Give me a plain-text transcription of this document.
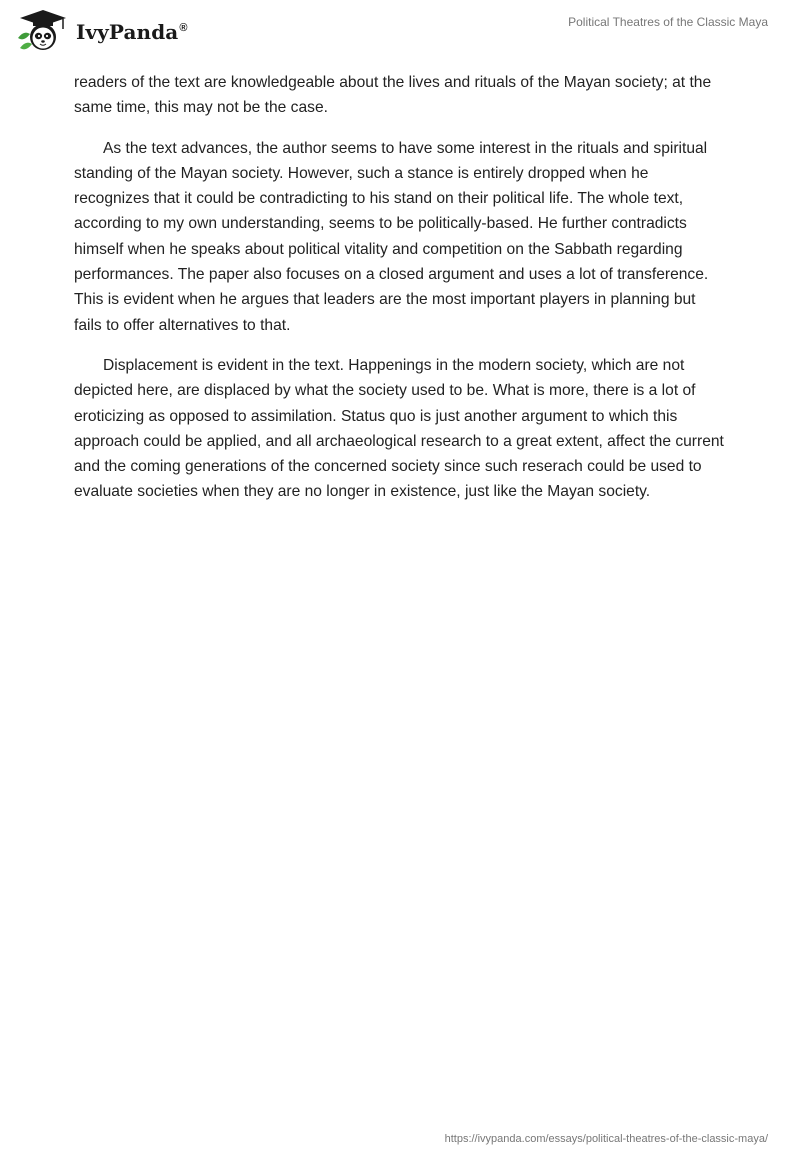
IvyPanda®	Political Theatres of the Classic Maya

readers of the text are knowledgeable about the lives and rituals of the Mayan society; at the same time, this may not be the case.

As the text advances, the author seems to have some interest in the rituals and spiritual standing of the Mayan society. However, such a stance is entirely dropped when he recognizes that it could be contradicting to his stand on their political life. The whole text, according to my own understanding, seems to be politically-based. He further contradicts himself when he speaks about political vitality and competition on the Sabbath regarding performances. The paper also focuses on a closed argument and uses a lot of transference. This is evident when he argues that leaders are the most important players in planning but fails to offer alternatives to that.

Displacement is evident in the text. Happenings in the modern society, which are not depicted here, are displaced by what the society used to be. What is more, there is a lot of eroticizing as opposed to assimilation. Status quo is just another argument to which this approach could be applied, and all archaeological research to a great extent, affect the current and the coming generations of the concerned society since such reserach could be used to evaluate societies when they are no longer in existence, just like the Mayan society.

https://ivypanda.com/essays/political-theatres-of-the-classic-maya/
